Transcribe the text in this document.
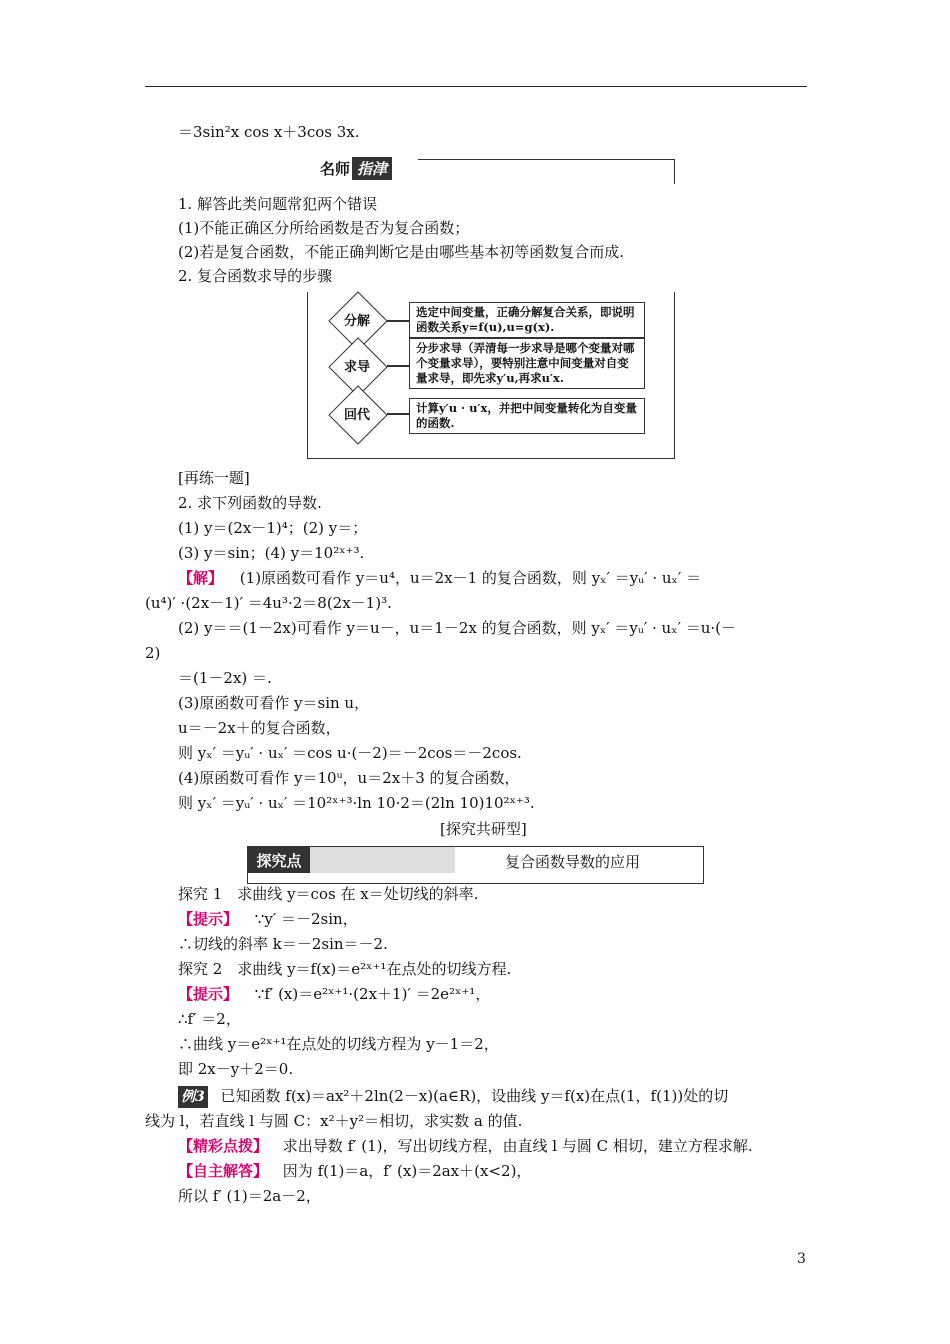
＝3sin²x cos x＋3cos 3x.
名师 指津
1. 解答此类问题常犯两个错误
(1)不能正确区分所给函数是否为复合函数；
(2)若是复合函数，不能正确判断它是由哪些基本初等函数复合而成.
2. 复合函数求导的步骤
分解
选定中间变量，正确分解复合关系，即说明函数关系y=f(u),u=g(x).
求导
分步求导（弄清每一步求导是哪个变量对哪个变量求导），要特别注意中间变量对自变量求导，即先求y′u,再求u′x.
回代	计算y′u · u′x，并把中间变量转化为自变量的函数.
[再练一题]
2. 求下列函数的导数.
(1) y＝(2x－1)⁴；(2) y＝；
(3) y＝sin；(4) y＝10²ˣ⁺³.
【解】 (1)原函数可看作 y＝u⁴，u＝2x－1 的复合函数，则 yₓ′ ＝yᵤ′ · uₓ′ ＝
(u⁴)′ ·(2x－1)′ ＝4u³·2＝8(2x－1)³.
(2) y＝＝(1－2x)可看作 y＝u－，u＝1－2x 的复合函数，则 yₓ′ ＝yᵤ′ · uₓ′ ＝u·(－
2)
＝(1－2x) ＝.
(3)原函数可看作 y＝sin u，
u＝－2x＋的复合函数，
则 yₓ′ ＝yᵤ′ · uₓ′ ＝cos u·(－2)＝－2cos＝－2cos.
(4)原函数可看作 y＝10ᵘ，u＝2x＋3 的复合函数，
则 yₓ′ ＝yᵤ′ · uₓ′ ＝10²ˣ⁺³·ln 10·2＝(2ln 10)10²ˣ⁺³.
[探究共研型]
探究点	复合函数导数的应用
探究 1　求曲线 y＝cos 在 x＝处切线的斜率.
【提示】 ∵y′ ＝－2sin，
∴切线的斜率 k＝－2sin＝－2.
探究 2　求曲线 y＝f(x)＝e²ˣ⁺¹在点处的切线方程.
【提示】 ∵f′ (x)＝e²ˣ⁺¹·(2x＋1)′ ＝2e²ˣ⁺¹，
∴f′ ＝2，
∴曲线 y＝e²ˣ⁺¹在点处的切线方程为 y－1＝2，
即 2x－y＋2＝0.
例3 已知函数 f(x)＝ax²＋2ln(2－x)(a∈R)，设曲线 y＝f(x)在点(1，f(1))处的切
线为 l，若直线 l 与圆 C：x²＋y²＝相切，求实数 a 的值.
【精彩点拨】 求出导数 f′ (1)，写出切线方程，由直线 l 与圆 C 相切，建立方程求解.
【自主解答】 因为 f(1)＝a，f′ (x)＝2ax＋(x<2)，
所以 f′ (1)＝2a－2，
3
